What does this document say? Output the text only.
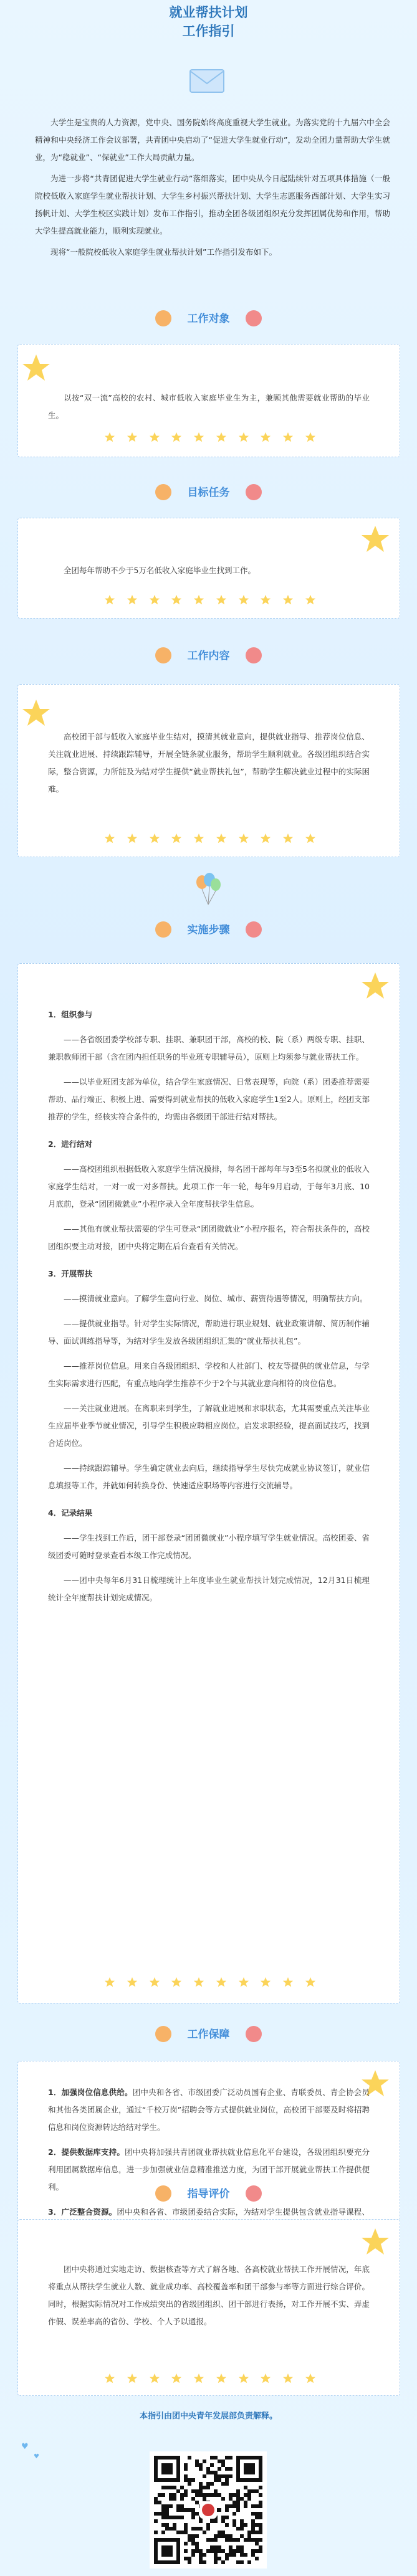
就业帮扶计划
工作指引

大学生是宝贵的人力资源，党中央、国务院始终高度重视大学生就业。为落实党的十九届六中全会精神和中央经济工作会议部署，共青团中央启动了“促进大学生就业行动”，发动全团力量帮助大学生就业，为“稳就业”、“保就业”工作大局贡献力量。

为进一步将“共青团促进大学生就业行动”落细落实，团中央从今日起陆续针对五项具体措施（一般院校低收入家庭学生就业帮扶计划、大学生乡村振兴帮扶计划、大学生志愿服务西部计划、大学生实习扬帆计划、大学生校区实践计划）发布工作指引，推动全团各级团组织充分发挥团属优势和作用，帮助大学生提高就业能力，顺利实现就业。

现将“一般院校低收入家庭学生就业帮扶计划”工作指引发布如下。

工作对象

以按“双一流”高校的农村、城市低收入家庭毕业生为主，兼顾其他需要就业帮助的毕业生。

目标任务

全团每年帮助不少于5万名低收入家庭毕业生找到工作。

工作内容

高校团干部与低收入家庭毕业生结对，摸清其就业意向，提供就业指导、推荐岗位信息、关注就业进展、持续跟踪辅导，开展全链条就业服务，帮助学生顺利就业。各级团组织结合实际，整合资源，力所能及为结对学生提供“就业帮扶礼包”，帮助学生解决就业过程中的实际困难。

实施步骤

1．组织参与

——各省级团委学校部专职、挂职、兼职团干部，高校的校、院（系）两级专职、挂职、兼职教师团干部（含在团内担任职务的毕业班专职辅导员），原则上均须参与就业帮扶工作。

——以毕业班团支部为单位，结合学生家庭情况、日常表现等，向院（系）团委推荐需要帮助、品行端正、积极上进、需要得到就业帮扶的低收入家庭学生1至2人。原则上，经团支部推荐的学生，经核实符合条件的，均需由各级团干部进行结对帮扶。

2．进行结对

——高校团组织根据低收入家庭学生情况摸排，每名团干部每年与3至5名拟就业的低收入家庭学生结对，一对一或一对多帮扶。此项工作一年一轮，每年9月启动，于每年3月底、10月底前，登录“团团微就业”小程序录入全年度帮扶学生信息。

——其他有就业帮扶需要的学生可登录“团团微就业”小程序报名，符合帮扶条件的，高校团组织要主动对接，团中央将定期在后台查看有关情况。

3．开展帮扶

——摸清就业意向。了解学生意向行业、岗位、城市、薪资待遇等情况，明确帮扶方向。

——提供就业指导。针对学生实际情况，帮助进行职业规划、就业政策讲解、简历制作辅导、面试训练指导等，为结对学生发放各级团组织汇集的“就业帮扶礼包”。

——推荐岗位信息。用来自各级团组织、学校和人社部门、校友等提供的就业信息，与学生实际需求进行匹配，有重点地向学生推荐不少于2个与其就业意向相符的岗位信息。

——关注就业进展。在离职来到学生，了解就业进展和求职状态，尤其需要重点关注毕业生应届毕业季节就业情况，引导学生积极应聘相应岗位。启发求职经验，提高面试技巧，找到合适岗位。

——持续跟踪辅导。学生确定就业去向后，继续指导学生尽快完成就业协议签订，就业信息填报等工作，并就如何转换身份、快速适应职场等内容进行交流辅导。

4．记录结果

——学生找到工作后，团干部登录“团团微就业”小程序填写学生就业情况。高校团委、省级团委可随时登录查看本级工作完成情况。

——团中央每年6月31日梳理统计上年度毕业生就业帮扶计划完成情况，12月31日梳理统计全年度帮扶计划完成情况。

工作保障

1．加强岗位信息供给。团中央和各省、市级团委广泛动员国有企业、青联委员、青企协会员和其他各类团属企业，通过“千校万岗”招聘会等方式提供就业岗位，高校团干部要及时将招聘信息和岗位资源转达给结对学生。

2．提供数据库支持。团中央将加强共青团就业帮扶就业信息化平台建设，各级团组织要充分利用团属数据库信息，进一步加强就业信息精准推送力度，为团干部开展就业帮扶工作提供便利。

3．广泛整合资源。团中央和各省、市级团委结合实际，为结对学生提供包含就业指导课程、

指导评价

团中央将通过实地走访、数据核查等方式了解各地、各高校就业帮扶工作开展情况，年底将重点从帮扶学生就业人数、就业成功率、高校覆盖率和团干部参与率等方面进行综合评价。同时，根据实际情况对工作成绩突出的省级团组织、团干部进行表扬，对工作开展不实、弄虚作假、误差率高的省份、学校、个人予以通报。

本指引由团中央青年发展部负责解释。
♥
♥
